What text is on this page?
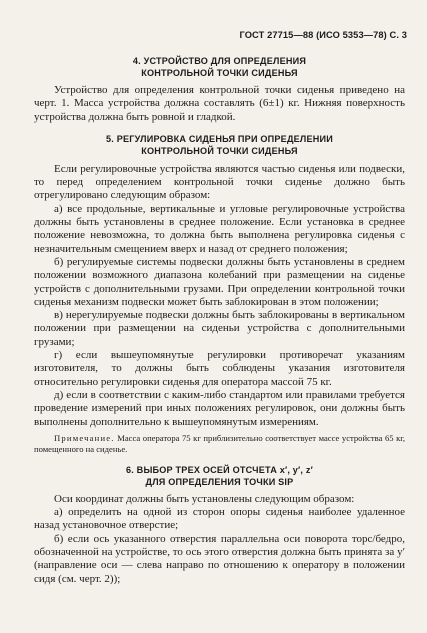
ГОСТ 27715—88 (ИСО 5353—78) С. 3
4. УСТРОЙСТВО ДЛЯ ОПРЕДЕЛЕНИЯ
КОНТРОЛЬНОЙ ТОЧКИ СИДЕНЬЯ

Устройство для определения контрольной точки сиденья приведено на черт. 1. Масса устройства должна составлять (6±1) кг. Нижняя поверхность устройства должна быть ровной и гладкой.

5. РЕГУЛИРОВКА СИДЕНЬЯ ПРИ ОПРЕДЕЛЕНИИ
КОНТРОЛЬНОЙ ТОЧКИ СИДЕНЬЯ

Если регулировочные устройства являются частью сиденья или подвески, то перед определением контрольной точки сиденье должно быть отрегулировано следующим образом:

а) все продольные, вертикальные и угловые регулировочные устройства должны быть установлены в среднее положение. Если установка в среднее положение невозможна, то должна быть выполнена регулировка сиденья с незначительным смещением вверх и назад от среднего положения;

б) регулируемые системы подвески должны быть установлены в среднем положении возможного диапазона колебаний при размещении на сиденье устройств с дополнительными грузами. При определении контрольной точки сиденья механизм подвески может быть заблокирован в этом положении;

в) нерегулируемые подвески должны быть заблокированы в вертикальном положении при размещении на сиденьи устройства с дополнительными грузами;

г) если вышеупомянутые регулировки противоречат указаниям изготовителя, то должны быть соблюдены указания изготовителя относительно регулировки сиденья для оператора массой 75 кг.

д) если в соответствии с каким-либо стандартом или правилами требуется проведение измерений при иных положениях регулировок, они должны быть выполнены дополнительно к вышеупомянутым измерениям.

Примечание. Масса оператора 75 кг приблизительно соответствует массе устройства 65 кг, помещенного на сиденье.

6. ВЫБОР ТРЕХ ОСЕЙ ОТСЧЕТА x′, y′, z′
ДЛЯ ОПРЕДЕЛЕНИЯ ТОЧКИ SIP

Оси координат должны быть установлены следующим образом:

а) определить на одной из сторон опоры сиденья наиболее удаленное назад установочное отверстие;

б) если ось указанного отверстия параллельна оси поворота торс/бедро, обозначенной на устройстве, то ось этого отверстия должна быть принята за y′ (направление оси — слева направо по отношению к оператору в положении сидя (см. черт. 2));
